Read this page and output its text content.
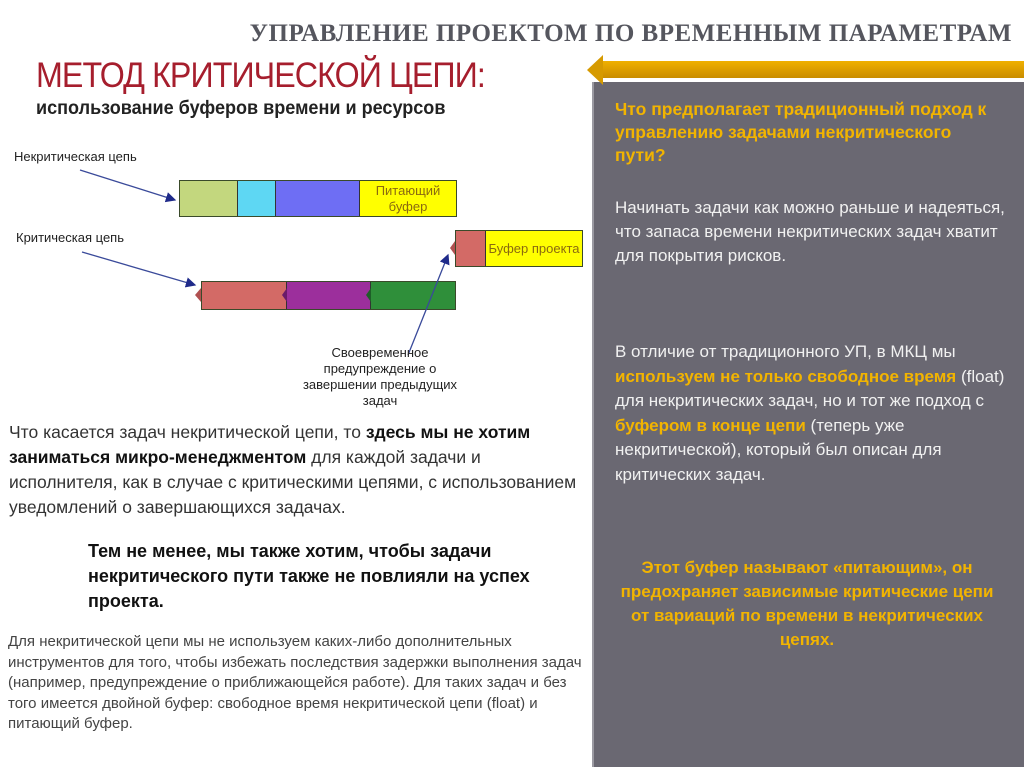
УПРАВЛЕНИЕ ПРОЕКТОМ ПО ВРЕМЕННЫМ ПАРАМЕТРАМ
МЕТОД КРИТИЧЕСКОЙ ЦЕПИ:
использование буферов времени и ресурсов
Некритическая цепь
Критическая цепь
Питающий буфер
Буфер проекта
Своевременное предупреждение о завершении предыдущих задач
Что касается задач некритической цепи, то здесь мы не хотим заниматься микро-менеджментом для каждой задачи и исполнителя, как в случае с критическими цепями, с использованием уведомлений о завершающихся задачах.
Тем не менее, мы также хотим, чтобы задачи некритического пути также не повлияли на успех проекта.
Для некритической цепи мы не используем каких-либо дополнительных инструментов для того, чтобы избежать последствия задержки выполнения задач (например, предупреждение о приближающейся работе). Для таких задач и без того имеется двойной буфер: свободное время некритической цепи (float) и питающий буфер.
Что предполагает традиционный подход к управлению задачами некритического пути?
Начинать задачи как можно раньше и надеяться, что запаса времени некритических задач хватит для покрытия рисков.
В отличие от традиционного УП, в МКЦ мы используем не только свободное время (float) для некритических задач, но и тот же подход с буфером в конце цепи (теперь уже некритической), который был описан для критических задач.
Этот буфер называют «питающим», он предохраняет зависимые критические цепи от вариаций по времени в некритических цепях.
